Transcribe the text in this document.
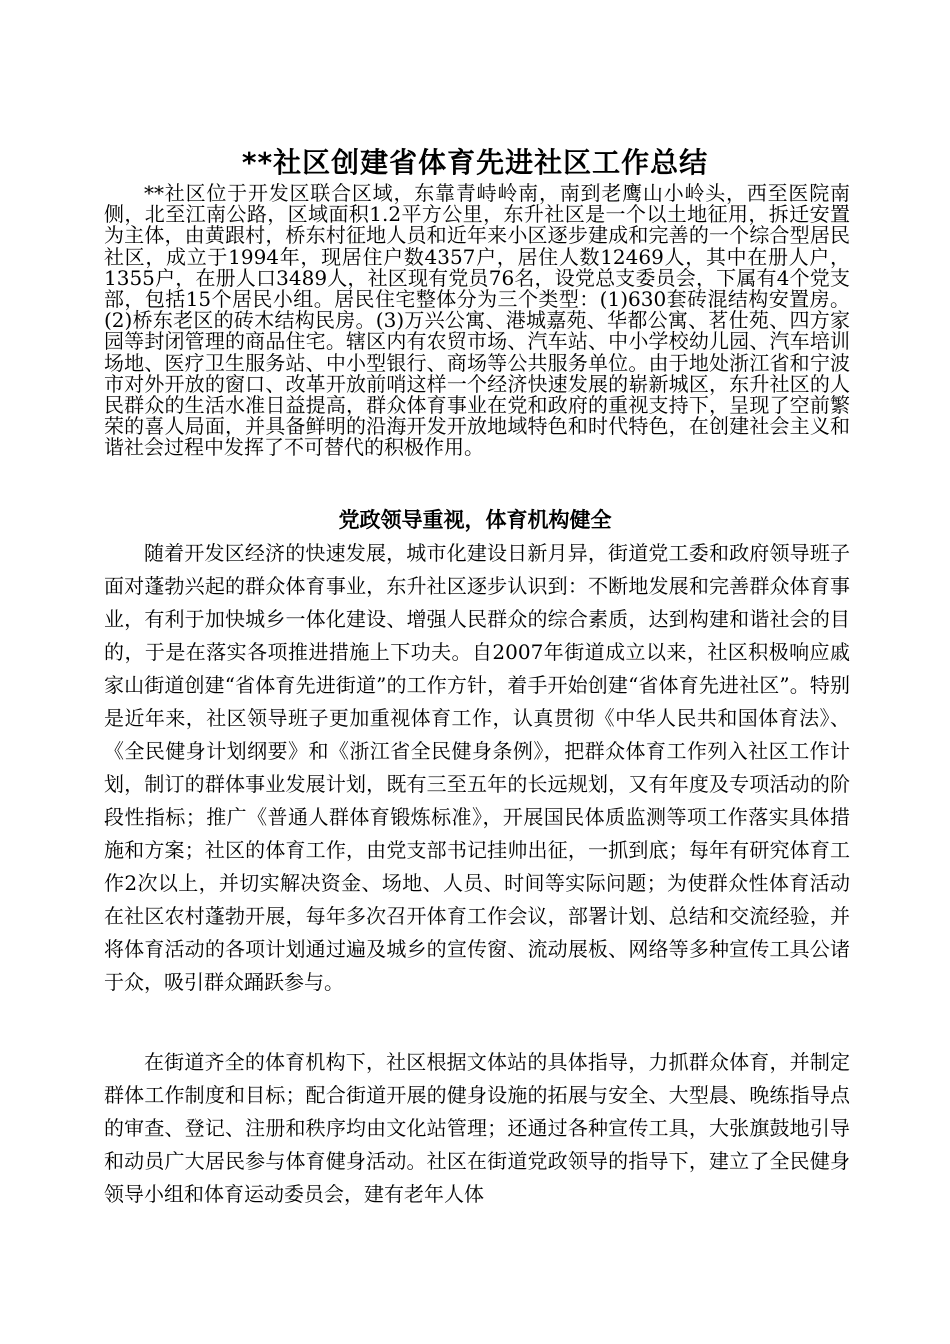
**社区创建省体育先进社区工作总结

**社区位于开发区联合区域，东靠青峙岭南，南到老鹰山小岭头，西至医院南侧，北至江南公路，区域面积1.2平方公里，东升社区是一个以土地征用，拆迁安置为主体，由黄跟村，桥东村征地人员和近年来小区逐步建成和完善的一个综合型居民社区，成立于1994年，现居住户数4357户，居住人数12469人，其中在册人户，1355户，在册人口3489人，社区现有党员76名，设党总支委员会，下属有4个党支部，包括15个居民小组。居民住宅整体分为三个类型：(1)630套砖混结构安置房。(2)桥东老区的砖木结构民房。(3)万兴公寓、港城嘉苑、华都公寓、茗仕苑、四方家园等封闭管理的商品住宅。辖区内有农贸市场、汽车站、中小学校幼儿园、汽车培训场地、医疗卫生服务站、中小型银行、商场等公共服务单位。由于地处浙江省和宁波市对外开放的窗口、改革开放前哨这样一个经济快速发展的崭新城区，东升社区的人民群众的生活水准日益提高，群众体育事业在党和政府的重视支持下，呈现了空前繁荣的喜人局面，并具备鲜明的沿海开发开放地域特色和时代特色，在创建社会主义和谐社会过程中发挥了不可替代的积极作用。

党政领导重视，体育机构健全

随着开发区经济的快速发展，城市化建设日新月异，街道党工委和政府领导班子面对蓬勃兴起的群众体育事业，东升社区逐步认识到：不断地发展和完善群众体育事业，有利于加快城乡一体化建设、增强人民群众的综合素质，达到构建和谐社会的目的，于是在落实各项推进措施上下功夫。自2007年街道成立以来，社区积极响应戚家山街道创建“省体育先进街道”的工作方针，着手开始创建“省体育先进社区”。特别是近年来，社区领导班子更加重视体育工作，认真贯彻《中华人民共和国体育法》、《全民健身计划纲要》和《浙江省全民健身条例》，把群众体育工作列入社区工作计划，制订的群体事业发展计划，既有三至五年的长远规划，又有年度及专项活动的阶段性指标；推广《普通人群体育锻炼标准》，开展国民体质监测等项工作落实具体措施和方案；社区的体育工作，由党支部书记挂帅出征，一抓到底；每年有研究体育工作2次以上，并切实解决资金、场地、人员、时间等实际问题；为使群众性体育活动在社区农村蓬勃开展，每年多次召开体育工作会议，部署计划、总结和交流经验，并将体育活动的各项计划通过遍及城乡的宣传窗、流动展板、网络等多种宣传工具公诸于众，吸引群众踊跃参与。

在街道齐全的体育机构下，社区根据文体站的具体指导，力抓群众体育，并制定群体工作制度和目标；配合街道开展的健身设施的拓展与安全、大型晨、晚练指导点的审查、登记、注册和秩序均由文化站管理；还通过各种宣传工具，大张旗鼓地引导和动员广大居民参与体育健身活动。社区在街道党政领导的指导下，建立了全民健身领导小组和体育运动委员会，建有老年人体
